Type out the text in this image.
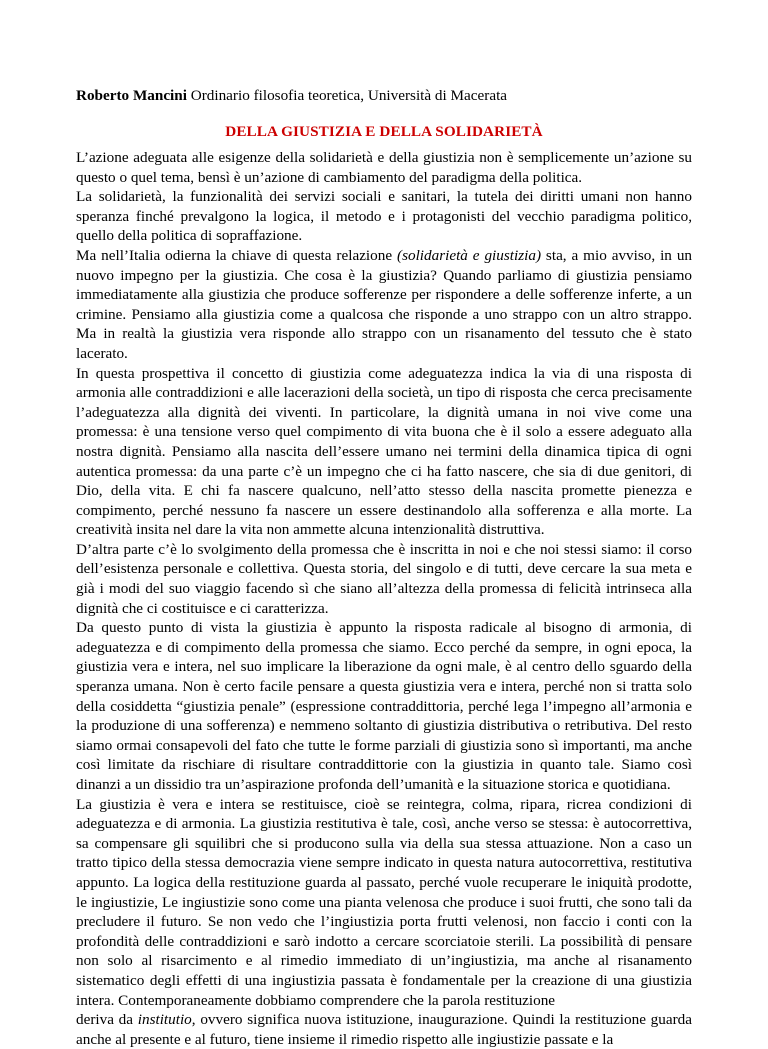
Roberto Mancini Ordinario filosofia teoretica, Università di Macerata
DELLA GIUSTIZIA E DELLA SOLIDARIETÀ

L’azione adeguata alle esigenze della solidarietà e della giustizia non è semplicemente un’azione su questo o quel tema, bensì è un’azione di cambiamento del paradigma della politica.

La solidarietà, la funzionalità dei servizi sociali e sanitari, la tutela dei diritti umani non hanno speranza finché prevalgono la logica, il metodo e i protagonisti del vecchio paradigma politico, quello della politica di sopraffazione.

Ma nell’Italia odierna la chiave di questa relazione (solidarietà e giustizia) sta, a mio avviso, in un nuovo impegno per la giustizia. Che cosa è la giustizia? Quando parliamo di giustizia pensiamo immediatamente alla giustizia che produce sofferenze per rispondere a delle sofferenze inferte, a un crimine. Pensiamo alla giustizia come a qualcosa che risponde a uno strappo con un altro strappo. Ma in realtà la giustizia vera risponde allo strappo con un risanamento del tessuto che è stato lacerato.

In questa prospettiva il concetto di giustizia come adeguatezza indica la via di una risposta di armonia alle contraddizioni e alle lacerazioni della società, un tipo di risposta che cerca precisamente l’adeguatezza alla dignità dei viventi. In particolare, la dignità umana in noi vive come una promessa: è una tensione verso quel compimento di vita buona che è il solo a essere adeguato alla nostra dignità. Pensiamo alla nascita dell’essere umano nei termini della dinamica tipica di ogni autentica promessa: da una parte c’è un impegno che ci ha fatto nascere, che sia di due genitori, di Dio, della vita. E chi fa nascere qualcuno, nell’atto stesso della nascita promette pienezza e compimento, perché nessuno fa nascere un essere destinandolo alla sofferenza e alla morte. La creatività insita nel dare la vita non ammette alcuna intenzionalità distruttiva.

D’altra parte c’è lo svolgimento della promessa che è inscritta in noi e che noi stessi siamo: il corso dell’esistenza personale e collettiva. Questa storia, del singolo e di tutti, deve cercare la sua meta e già i modi del suo viaggio facendo sì che siano all’altezza della promessa di felicità intrinseca alla dignità che ci costituisce e ci caratterizza.

Da questo punto di vista la giustizia è appunto la risposta radicale al bisogno di armonia, di adeguatezza e di compimento della promessa che siamo. Ecco perché da sempre, in ogni epoca, la giustizia vera e intera, nel suo implicare la liberazione da ogni male, è al centro dello sguardo della speranza umana. Non è certo facile pensare a questa giustizia vera e intera, perché non si tratta solo della cosiddetta “giustizia penale” (espressione contraddittoria, perché lega l’impegno all’armonia e la produzione di una sofferenza) e nemmeno soltanto di giustizia distributiva o retributiva. Del resto siamo ormai consapevoli del fato che tutte le forme parziali di giustizia sono sì importanti, ma anche così limitate da rischiare di risultare contraddittorie con la giustizia in quanto tale. Siamo così dinanzi a un dissidio tra un’aspirazione profonda dell’umanità e la situazione storica e quotidiana.

La giustizia è vera e intera se restituisce, cioè se reintegra, colma, ripara, ricrea condizioni di adeguatezza e di armonia. La giustizia restitutiva è tale, così, anche verso se stessa: è autocorrettiva, sa compensare gli squilibri che si producono sulla via della sua stessa attuazione. Non a caso un tratto tipico della stessa democrazia viene sempre indicato in questa natura autocorrettiva, restitutiva appunto. La logica della restituzione guarda al passato, perché vuole recuperare le iniquità prodotte, le ingiustizie, Le ingiustizie sono come una pianta velenosa che produce i suoi frutti, che sono tali da precludere il futuro. Se non vedo che l’ingiustizia porta frutti velenosi, non faccio i conti con la profondità delle contraddizioni e sarò indotto a cercare scorciatoie sterili. La possibilità di pensare non solo al risarcimento e al rimedio immediato di un’ingiustizia, ma anche al risanamento sistematico degli effetti di una ingiustizia passata è fondamentale per la creazione di una giustizia intera. Contemporaneamente dobbiamo comprendere che la parola restituzione

deriva da institutio, ovvero significa nuova istituzione, inaugurazione. Quindi la restituzione guarda anche al presente e al futuro, tiene insieme il rimedio rispetto alle ingiustizie passate e la
